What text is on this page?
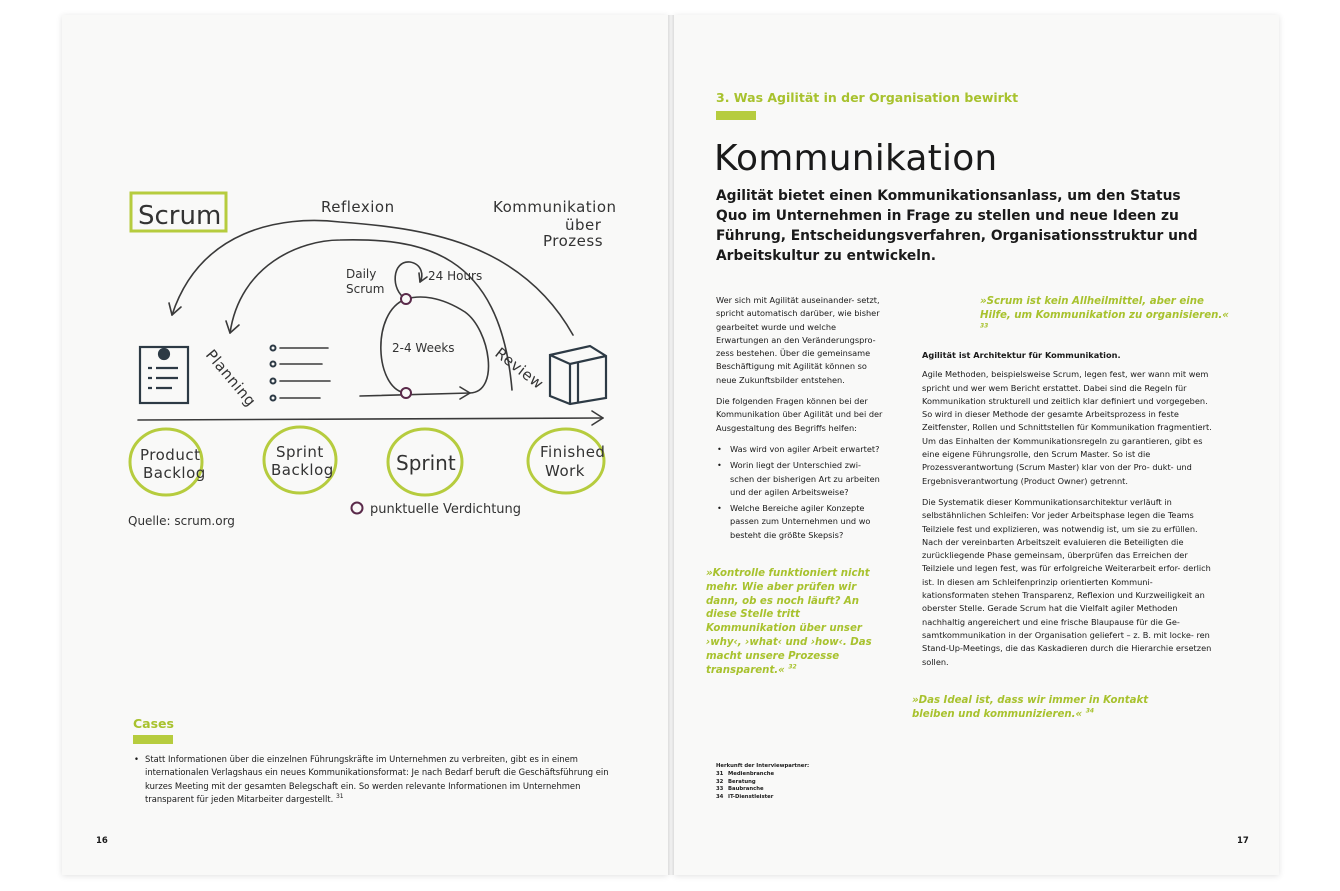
Scrum	Reflexion	Kommunikation
über
Prozess
Daily
Scrum
24 Hours
2-4 Weeks
Planning	Review
Product
Backlog
Sprint
Backlog	Sprint	Finished
Work
punktuelle Verdichtung
Quelle: scrum.org
Cases
• Statt Informationen über die einzelnen Führungskräfte im Unternehmen zu verbreiten, gibt es in einem internationalen Verlagshaus ein neues Kommunikationsformat: Je nach Bedarf beruft die Geschäftsführung ein kurzes Meeting mit der gesamten Belegschaft ein. So werden relevante Informationen im Unternehmen transparent für jeden Mitarbeiter dargestellt. $^{31}$
16
3. Was Agilität in der Organisation bewirkt
Kommunikation
Agilität bietet einen Kommunikationsanlass, um den Status Quo im Unternehmen in Frage zu stellen und neue Ideen zu Führung, Entscheidungsverfahren, Organisationsstruktur und Arbeitskultur zu entwickeln.

Wer sich mit Agilität auseinander- setzt, spricht automatisch darüber, wie bisher gearbeitet wurde und welche Erwartungen an den Veränderungspro- zess bestehen. Über die gemeinsame Beschäftigung mit Agilität können so neue Zukunftsbilder entstehen.

Die folgenden Fragen können bei der Kommunikation über Agilität und bei der Ausgestaltung des Begriffs helfen:

• Was wird von agiler Arbeit erwartet?
• Worin liegt der Unterschied zwi- schen der bisherigen Art zu arbeiten und der agilen Arbeitsweise?
• Welche Bereiche agiler Konzepte passen zum Unternehmen und wo besteht die größte Skepsis?
»Scrum ist kein Allheilmittel, aber eine Hilfe, um Kommunikation zu organisieren.« $^{33}$
»Kontrolle funktioniert nicht mehr. Wie aber prüfen wir dann, ob es noch läuft? An diese Stelle tritt Kommunikation über unser ›why‹, ›what‹ und ›how‹. Das macht unsere Prozesse transparent.« $^{32}$
»Das Ideal ist, dass wir immer in Kontakt bleiben und kommunizieren.« $^{34}$

Agilität ist Architektur für Kommunikation.

Agile Methoden, beispielsweise Scrum, legen fest, wer wann mit wem spricht und wer wem Bericht erstattet. Dabei sind die Regeln für Kommunikation strukturell und zeitlich klar definiert und vorgegeben. So wird in dieser Methode der gesamte Arbeitsprozess in feste Zeitfenster, Rollen und Schnittstellen für Kommunikation fragmentiert. Um das Einhalten der Kommunikationsregeln zu garantieren, gibt es eine eigene Führungsrolle, den Scrum Master. So ist die Prozessverantwortung (Scrum Master) klar von der Pro- dukt- und Ergebnisverantwortung (Product Owner) getrennt.

Die Systematik dieser Kommunikationsarchitektur verläuft in selbstähnlichen Schleifen: Vor jeder Arbeitsphase legen die Teams Teilziele fest und explizieren, was notwendig ist, um sie zu erfüllen. Nach der vereinbarten Arbeitszeit evaluieren die Beteiligten die zurückliegende Phase gemeinsam, überprüfen das Erreichen der Teilziele und legen fest, was für erfolgreiche Weiterarbeit erfor- derlich ist. In diesen am Schleifenprinzip orientierten Kommuni- kationsformaten stehen Transparenz, Reflexion und Kurzweiligkeit an oberster Stelle. Gerade Scrum hat die Vielfalt agiler Methoden nachhaltig angereichert und eine frische Blaupause für die Ge- samtkommunikation in der Organisation geliefert – z. B. mit locke- ren Stand-Up-Meetings, die das Kaskadieren durch die Hierarchie ersetzen sollen.

Herkunft der Interviewpartner:
31 Medienbranche
32 Beratung
33 Baubranche
34 IT-Dienstleister
17
